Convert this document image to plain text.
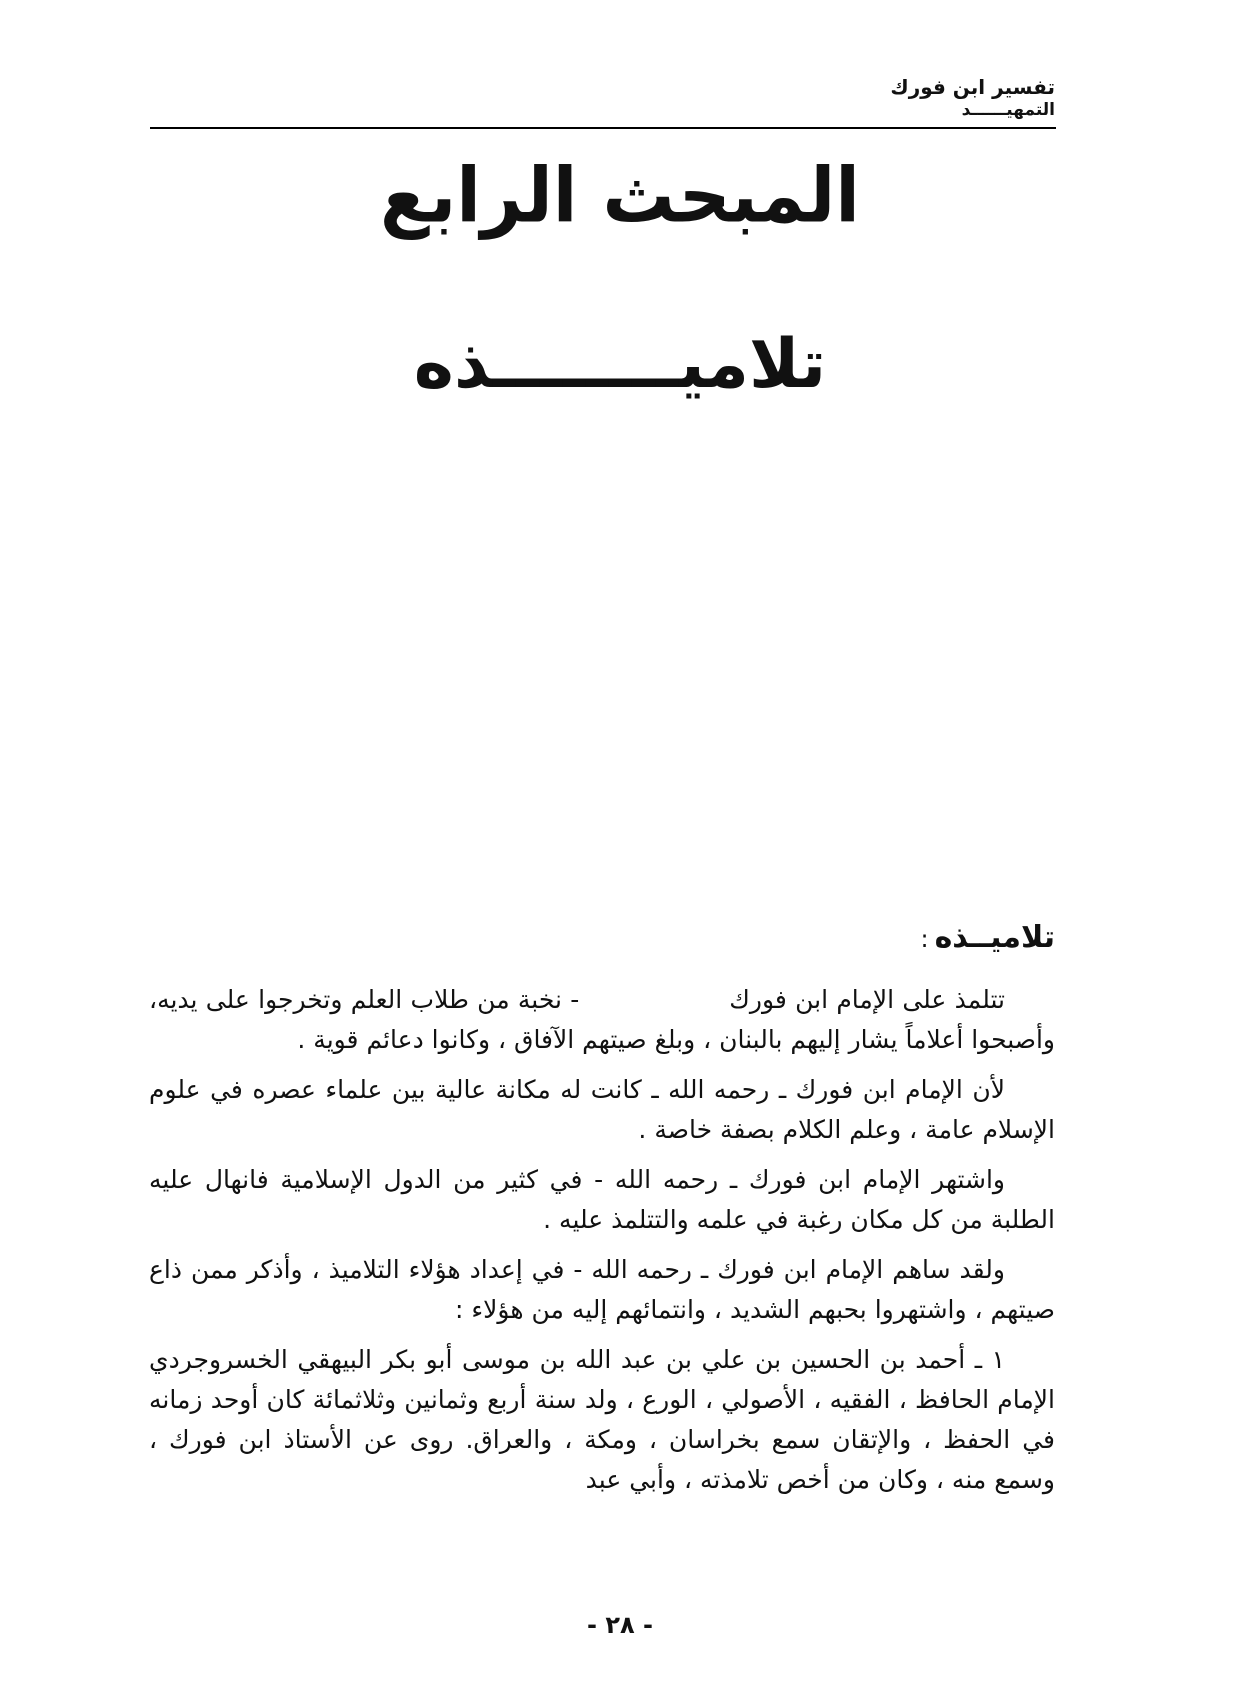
تفسير ابن فورك
التمهيــــــد
المبحث الرابع
تلاميــــــــذه
تلاميــذه:

تتلمذ على الإمام ابن فورك- نخبة من طلاب العلم وتخرجوا على يديه، وأصبحوا أعلاماً يشار إليهم بالبنان ، وبلغ صيتهم الآفاق ، وكانوا دعائم قوية .

لأن الإمام ابن فورك ـ رحمه الله ـ كانت له مكانة عالية بين علماء عصره في علوم الإسلام عامة ، وعلم الكلام بصفة خاصة .

واشتهر الإمام ابن فورك ـ رحمه الله - في كثير من الدول الإسلامية فانهال عليه الطلبة من كل مكان رغبة في علمه والتتلمذ عليه .

ولقد ساهم الإمام ابن فورك ـ رحمه الله - في إعداد هؤلاء التلاميذ ، وأذكر ممن ذاع صيتهم ، واشتهروا بحبهم الشديد ، وانتمائهم إليه من هؤلاء :

١ ـ أحمد بن الحسين بن علي بن عبد الله بن موسى أبو بكر البيهقي الخسروجردي الإمام الحافظ ، الفقيه ، الأصولي ، الورع ، ولد سنة أربع وثمانين وثلاثمائة كان أوحد زمانه في الحفظ ، والإتقان سمع بخراسان ، ومكة ، والعراق. روى عن الأستاذ ابن فورك ، وسمع منه ، وكان من أخص تلامذته ، وأبي عبد

- ٢٨ -
